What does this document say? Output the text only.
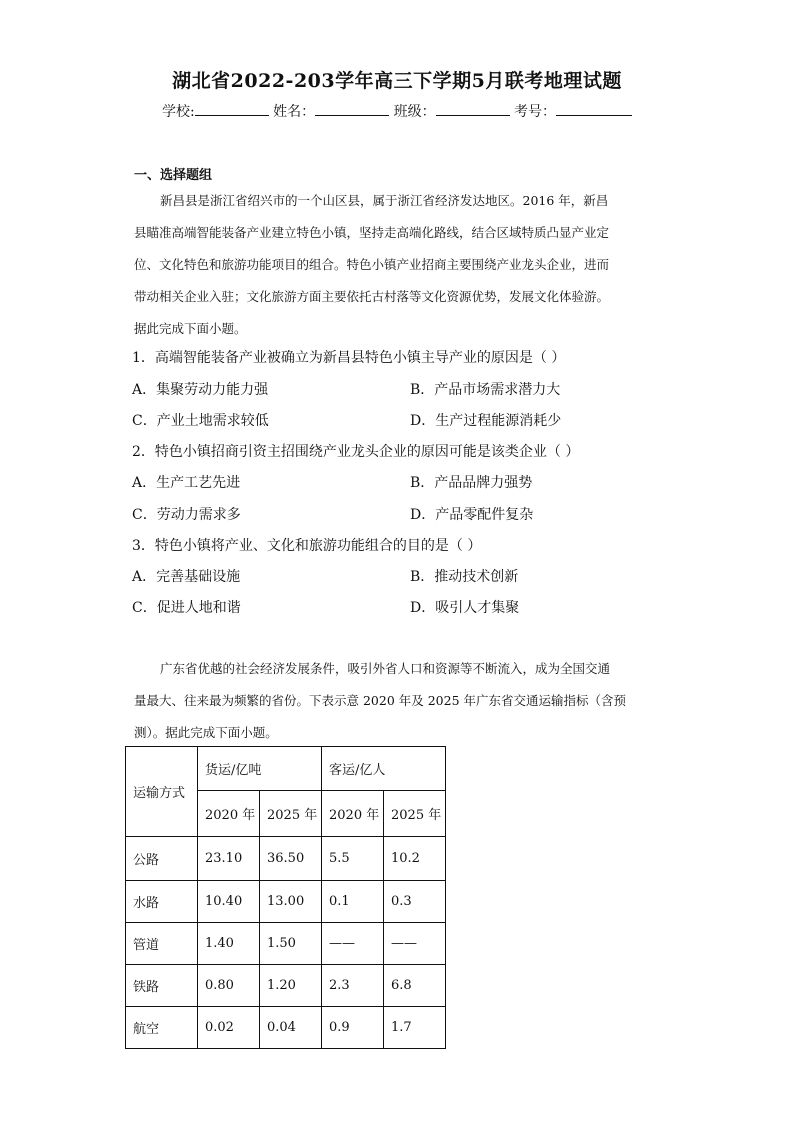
湖北省2022-203学年高三下学期5月联考地理试题
学校:	姓名：	班级：	考号：
一、选择题组
新昌县是浙江省绍兴市的一个山区县，属于浙江省经济发达地区。2016 年，新昌
县瞄准高端智能装备产业建立特色小镇，坚持走高端化路线，结合区域特质凸显产业定
位、文化特色和旅游功能项目的组合。特色小镇产业招商主要围绕产业龙头企业，进而
带动相关企业入驻；文化旅游方面主要依托古村落等文化资源优势，发展文化体验游。
据此完成下面小题。
1．高端智能装备产业被确立为新昌县特色小镇主导产业的原因是（ ）
A．集聚劳动力能力强	B．产品市场需求潜力大
C．产业土地需求较低	D．生产过程能源消耗少
2．特色小镇招商引资主招围绕产业龙头企业的原因可能是该类企业（ ）
A．生产工艺先进	B．产品品牌力强势
C．劳动力需求多	D．产品零配件复杂
3．特色小镇将产业、文化和旅游功能组合的目的是（ ）
A．完善基础设施	B．推动技术创新
C．促进人地和谐	D．吸引人才集聚
广东省优越的社会经济发展条件，吸引外省人口和资源等不断流入，成为全国交通
量最大、往来最为频繁的省份。下表示意 2020 年及 2025 年广东省交通运输指标（含预
测）。据此完成下面小题。
运输方式	货运/亿吨		客运/亿人	
	2020 年	2025 年	2020 年	2025 年
公路	23.10	36.50	5.5	10.2
水路	10.40	13.00	0.1	0.3
管道	1.40	1.50	——	——
铁路	0.80	1.20	2.3	6.8
航空	0.02	0.04	0.9	1.7
